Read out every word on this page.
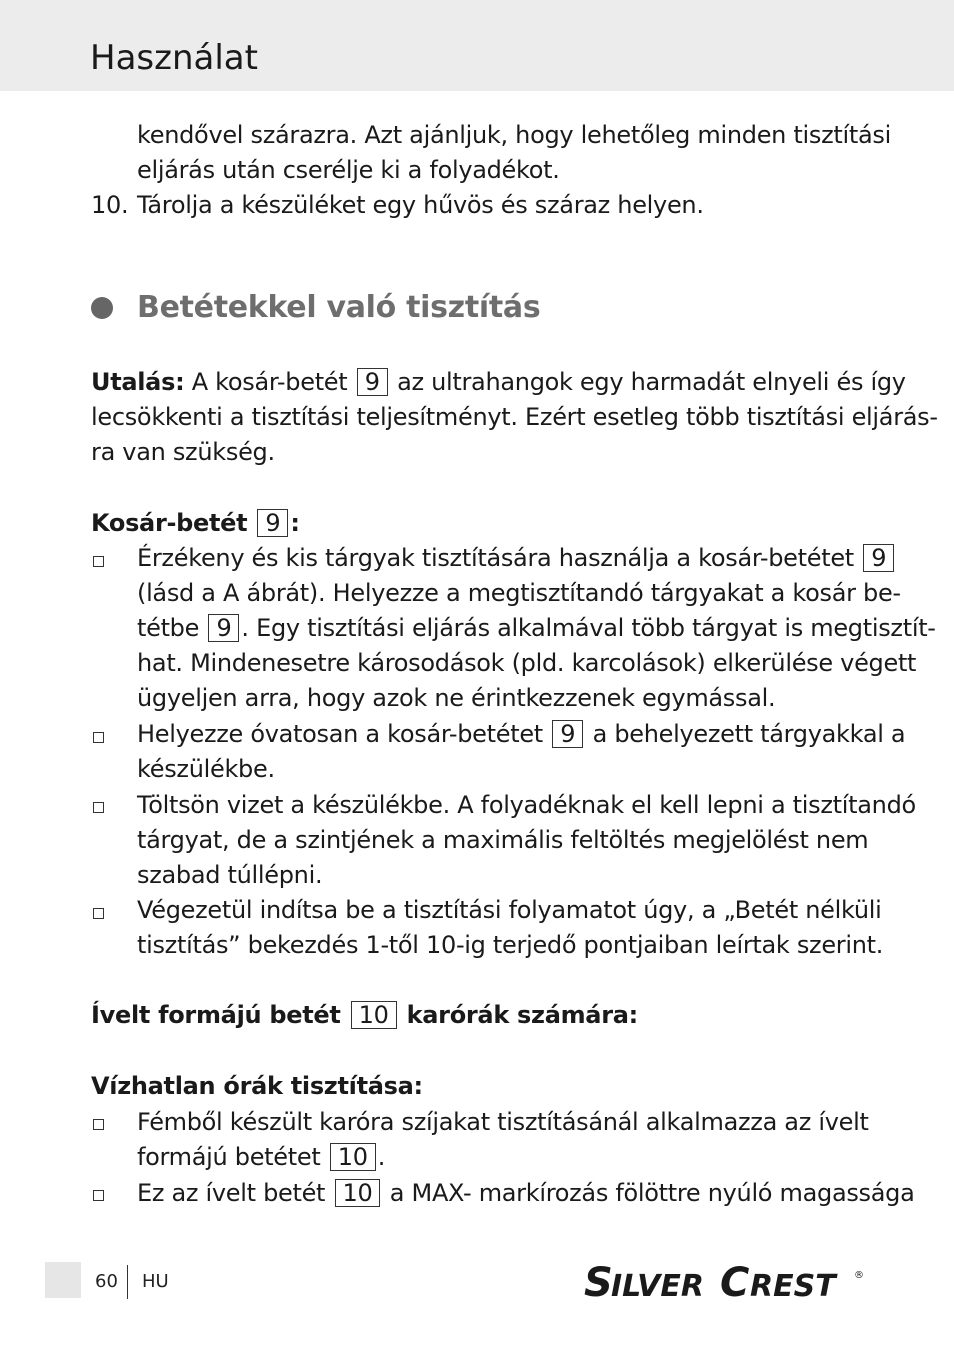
Használat
kendővel szárazra. Azt ajánljuk, hogy lehetőleg minden tisztítási
eljárás után cserélje ki a folyadékot.
10. Tárolja a készüléket egy hűvös és száraz helyen.
Betétekkel való tisztítás
Utalás: A kosár-betét 9 az ultrahangok egy harmadát elnyeli és így
lecsökkenti a tisztítási teljesítményt. Ezért esetleg több tisztítási eljárás-
ra van szükség.
Kosár-betét 9 :
Érzékeny és kis tárgyak tisztítására használja a kosár-betétet 9
(lásd a A ábrát). Helyezze a megtisztítandó tárgyakat a kosár be-
tétbe 9 . Egy tisztítási eljárás alkalmával több tárgyat is megtisztít-
hat. Mindenesetre károsodások (pld. karcolások) elkerülése végett
ügyeljen arra, hogy azok ne érintkezzenek egymással.
Helyezze óvatosan a kosár-betétet 9 a behelyezett tárgyakkal a
készülékbe.
Töltsön vizet a készülékbe. A folyadéknak el kell lepni a tisztítandó
tárgyat, de a szintjének a maximális feltöltés megjelölést nem
szabad túllépni.
Végezetül indítsa be a tisztítási folyamatot úgy, a „Betét nélküli
tisztítás” bekezdés 1-től 10-ig terjedő pontjaiban leírtak szerint.
Ívelt formájú betét 10 karórák számára:
Vízhatlan órák tisztítása:
Fémből készült karóra szíjakat tisztításánál alkalmazza az ívelt
formájú betétet 10 .
Ez az ívelt betét 10 a MAX- markírozás fölöttre nyúló magassága
60 HU	S
ILVER C REST ®
